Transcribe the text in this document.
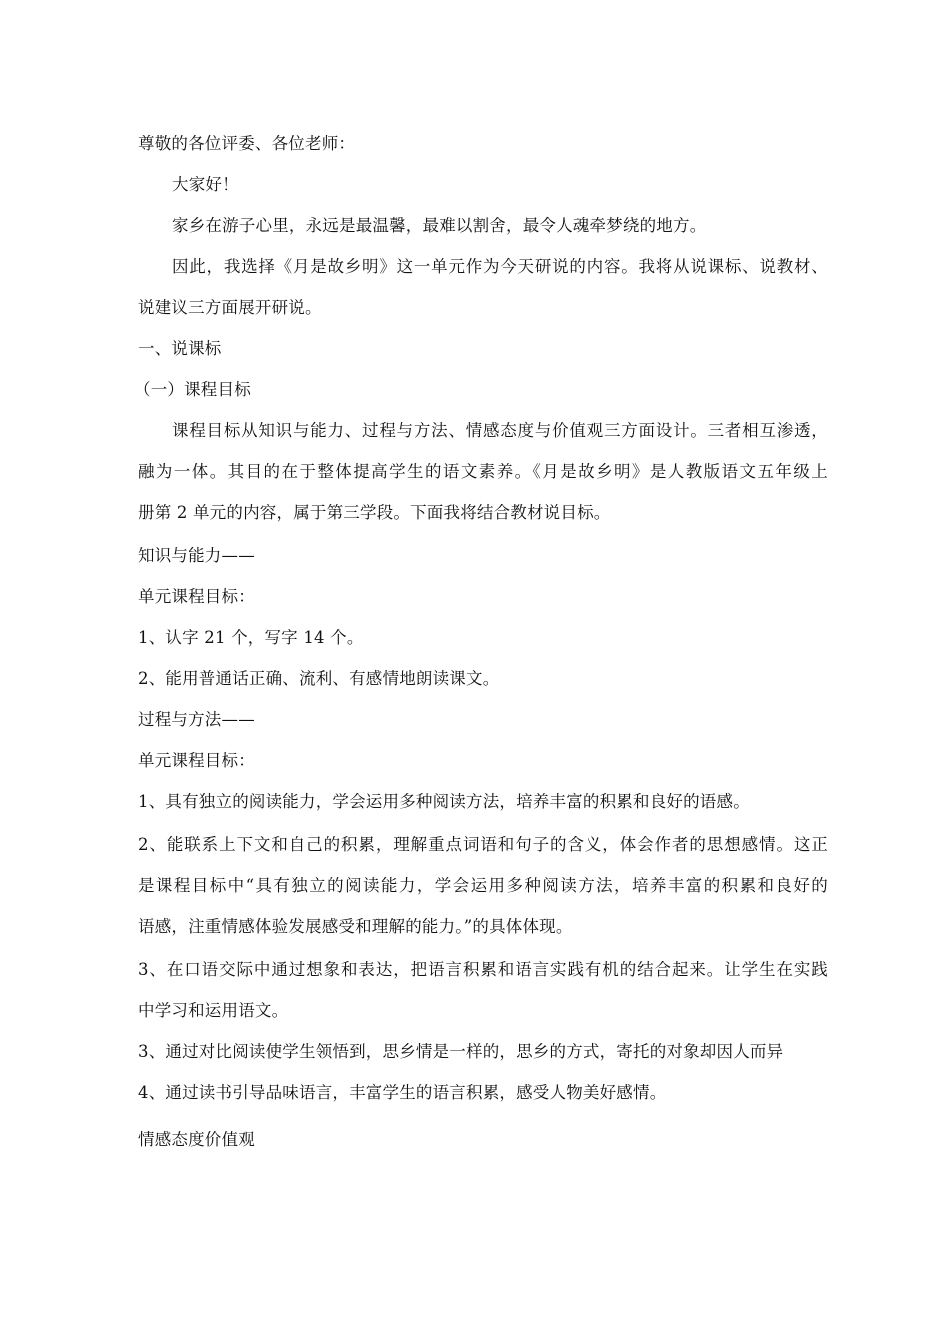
尊敬的各位评委、各位老师：
大家好！
家乡在游子心里，永远是最温馨，最难以割舍，最令人魂牵梦绕的地方。
因此，我选择《月是故乡明》这一单元作为今天研说的内容。我将从说课标、说教材、
说建议三方面展开研说。
一、说课标
（一）课程目标
课程目标从知识与能力、过程与方法、情感态度与价值观三方面设计。三者相互渗透，
融为一体。其目的在于整体提高学生的语文素养。《月是故乡明》是人教版语文五年级上
册第 2 单元的内容，属于第三学段。下面我将结合教材说目标。
知识与能力——
单元课程目标：
1、认字 21 个，写字 14 个。
2、能用普通话正确、流利、有感情地朗读课文。
过程与方法——
单元课程目标：
1、具有独立的阅读能力，学会运用多种阅读方法，培养丰富的积累和良好的语感。
2、能联系上下文和自己的积累，理解重点词语和句子的含义，体会作者的思想感情。这正
是课程目标中“具有独立的阅读能力，学会运用多种阅读方法，培养丰富的积累和良好的
语感，注重情感体验发展感受和理解的能力。”的具体体现。
3、在口语交际中通过想象和表达，把语言积累和语言实践有机的结合起来。让学生在实践
中学习和运用语文。
3、通过对比阅读使学生领悟到，思乡情是一样的，思乡的方式，寄托的对象却因人而异
4、通过读书引导品味语言，丰富学生的语言积累，感受人物美好感情。
情感态度价值观
